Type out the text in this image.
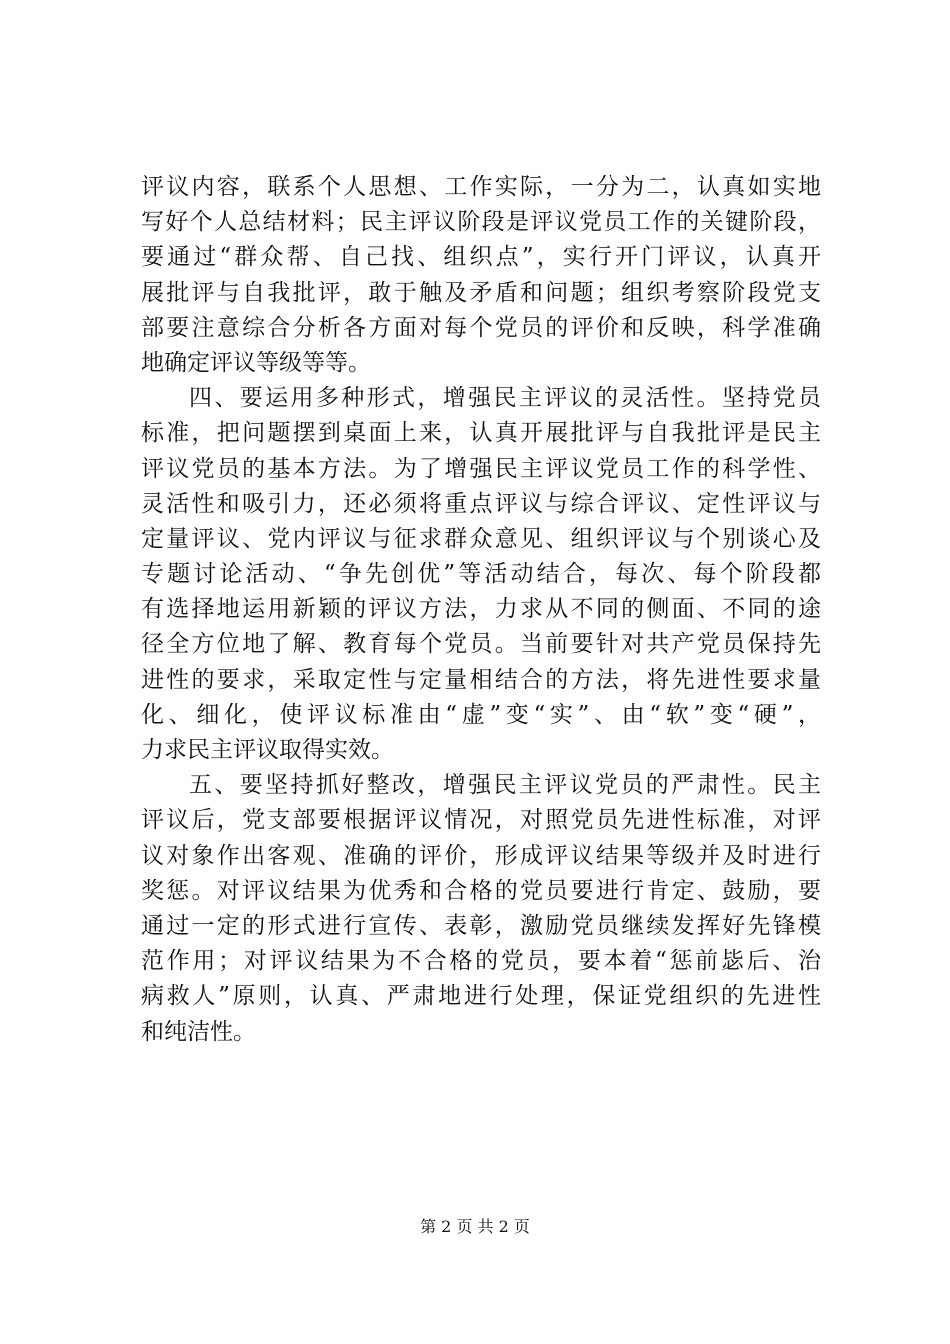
评议内容，联系个人思想、工作实际，一分为二，认真如实地
写好个人总结材料；民主评议阶段是评议党员工作的关键阶段，
要通过“群众帮、自己找、组织点”，实行开门评议，认真开
展批评与自我批评，敢于触及矛盾和问题；组织考察阶段党支
部要注意综合分析各方面对每个党员的评价和反映，科学准确
地确定评议等级等等。
四、要运用多种形式，增强民主评议的灵活性。坚持党员
标准，把问题摆到桌面上来，认真开展批评与自我批评是民主
评议党员的基本方法。为了增强民主评议党员工作的科学性、
灵活性和吸引力，还必须将重点评议与综合评议、定性评议与
定量评议、党内评议与征求群众意见、组织评议与个别谈心及
专题讨论活动、“争先创优”等活动结合，每次、每个阶段都
有选择地运用新颖的评议方法，力求从不同的侧面、不同的途
径全方位地了解、教育每个党员。当前要针对共产党员保持先
进性的要求，采取定性与定量相结合的方法，将先进性要求量
化、细化，使评议标准由“虚”变“实”、由“软”变“硬”，
力求民主评议取得实效。
五、要坚持抓好整改，增强民主评议党员的严肃性。民主
评议后，党支部要根据评议情况，对照党员先进性标准，对评
议对象作出客观、准确的评价，形成评议结果等级并及时进行
奖惩。对评议结果为优秀和合格的党员要进行肯定、鼓励，要
通过一定的形式进行宣传、表彰，激励党员继续发挥好先锋模
范作用；对评议结果为不合格的党员，要本着“惩前毖后、治
病救人”原则，认真、严肃地进行处理，保证党组织的先进性
和纯洁性。
第 2 页 共 2 页
